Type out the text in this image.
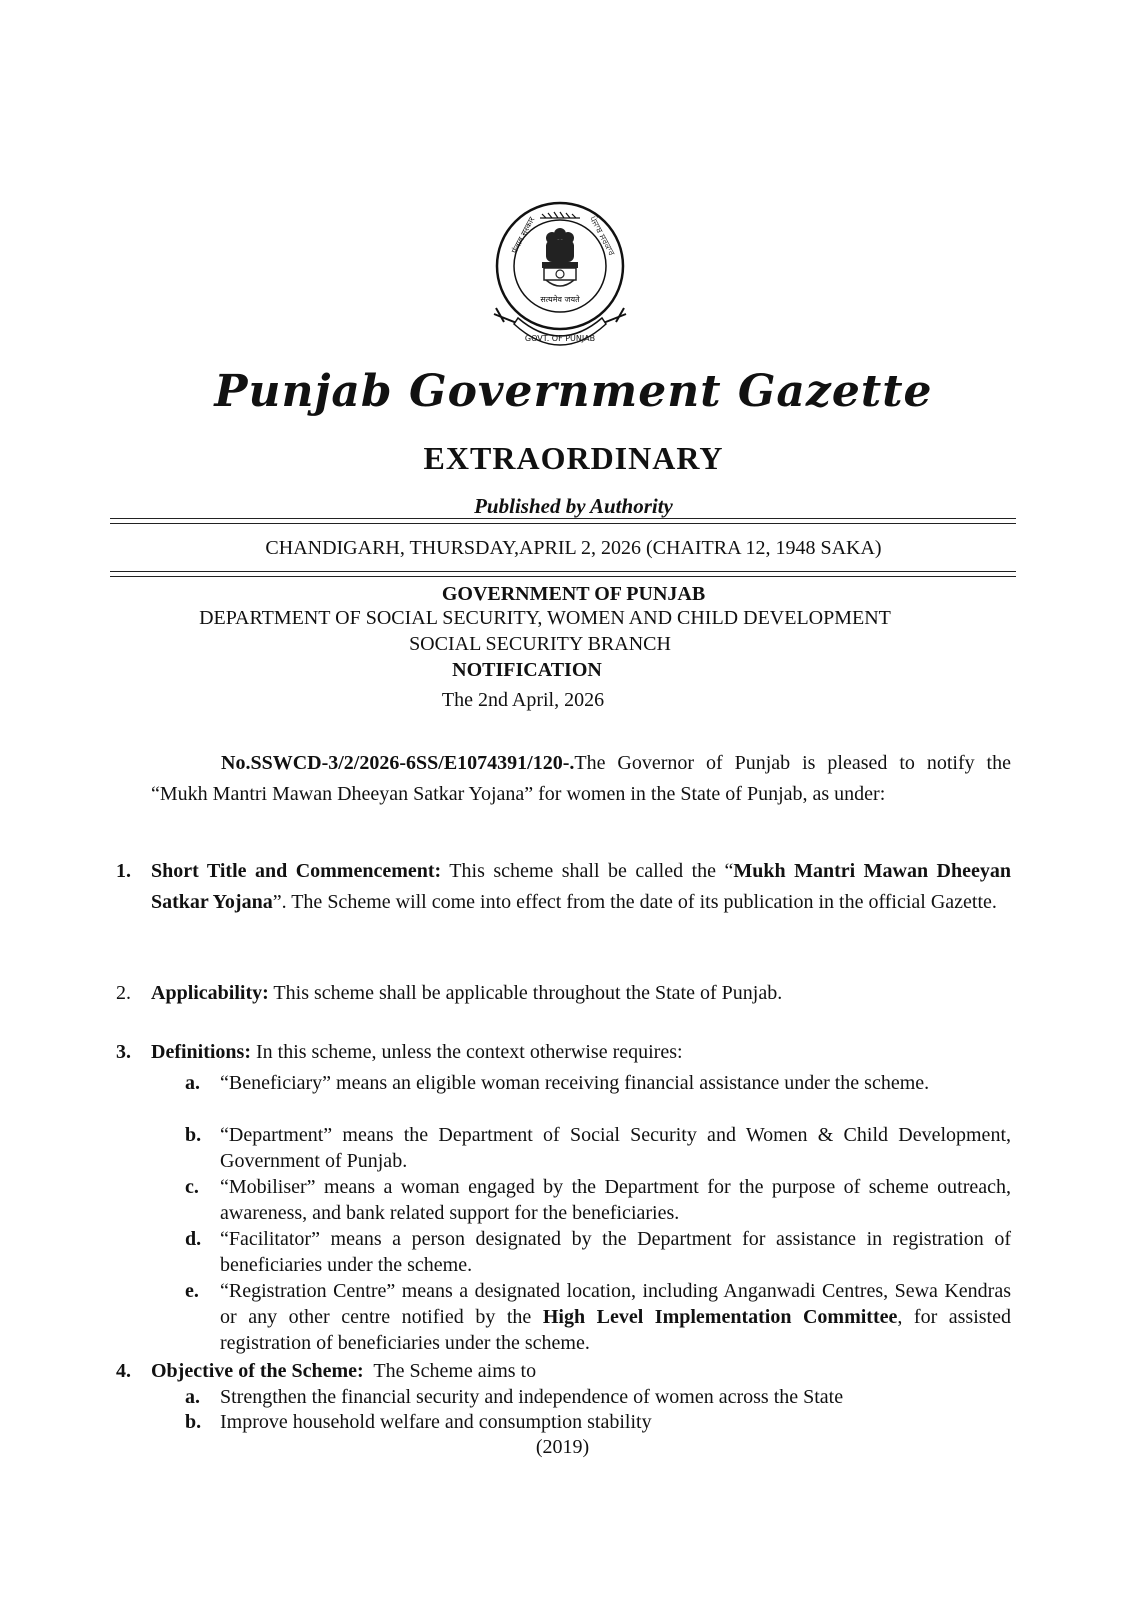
सत्यमेव जयते
पंजाब सरकार	ਪੰਜਾਬ ਸਰਕਾਰ
GOVT. OF PUNJAB
Punjab Government Gazette
EXTRAORDINARY
Published by Authority
CHANDIGARH, THURSDAY,APRIL 2, 2026 (CHAITRA 12, 1948 SAKA)
GOVERNMENT OF PUNJAB
DEPARTMENT OF SOCIAL SECURITY, WOMEN AND CHILD DEVELOPMENT
SOCIAL SECURITY BRANCH
NOTIFICATION
The 2nd April, 2026
No.SSWCD-3/2/2026-6SS/E1074391/120-.The Governor of Punjab is pleased to notify the “Mukh Mantri Mawan Dheeyan Satkar Yojana” for women in the State of Punjab, as under:
1.	Short Title and Commencement: This scheme shall be called the “Mukh Mantri Mawan Dheeyan Satkar Yojana”. The Scheme will come into effect from the date of its publication in the official Gazette.
2.	Applicability: This scheme shall be applicable throughout the State of Punjab.
3.	Definitions: In this scheme, unless the context otherwise requires:
a.	“Beneficiary” means an eligible woman receiving financial assistance under the scheme.
b. “Department” means the Department of Social Security and Women & Child Development, Government of Punjab.
c.	“Mobiliser” means a woman engaged by the Department for the purpose of scheme outreach, awareness, and bank related support for the beneficiaries.
d. “Facilitator” means a person designated by the Department for assistance in registration of beneficiaries under the scheme.
e.	“Registration Centre” means a designated location, including Anganwadi Centres, Sewa Kendras or any other centre notified by the High Level Implementation Committee, for assisted registration of beneficiaries under the scheme.
4.	Objective of the Scheme:  The Scheme aims to
a.	Strengthen the financial security and independence of women across the State
b. Improve household welfare and consumption stability
(2019)
